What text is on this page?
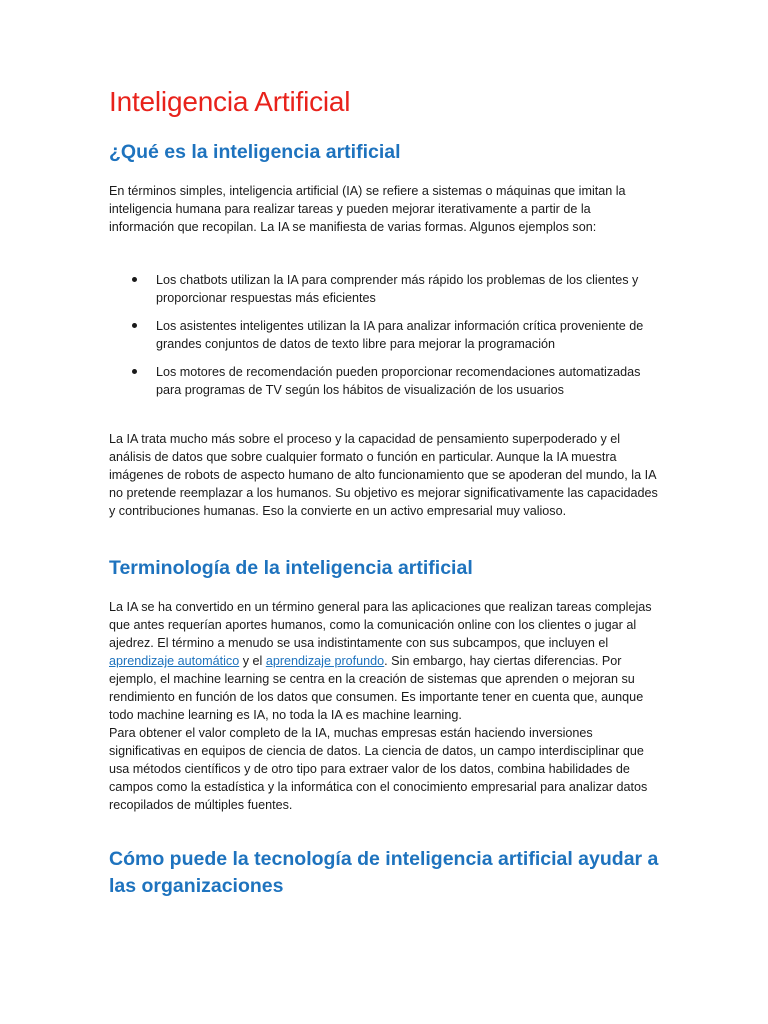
Inteligencia Artificial
¿Qué es la inteligencia artificial

En términos simples, inteligencia artificial (IA) se refiere a sistemas o máquinas que imitan la inteligencia humana para realizar tareas y pueden mejorar iterativamente a partir de la información que recopilan. La IA se manifiesta de varias formas. Algunos ejemplos son:

Los chatbots utilizan la IA para comprender más rápido los problemas de los clientes y proporcionar respuestas más eficientes
Los asistentes inteligentes utilizan la IA para analizar información crítica proveniente de grandes conjuntos de datos de texto libre para mejorar la programación
Los motores de recomendación pueden proporcionar recomendaciones automatizadas para programas de TV según los hábitos de visualización de los usuarios

La IA trata mucho más sobre el proceso y la capacidad de pensamiento superpoderado y el análisis de datos que sobre cualquier formato o función en particular. Aunque la IA muestra imágenes de robots de aspecto humano de alto funcionamiento que se apoderan del mundo, la IA no pretende reemplazar a los humanos. Su objetivo es mejorar significativamente las capacidades y contribuciones humanas. Eso la convierte en un activo empresarial muy valioso.

Terminología de la inteligencia artificial

La IA se ha convertido en un término general para las aplicaciones que realizan tareas complejas que antes requerían aportes humanos, como la comunicación online con los clientes o jugar al ajedrez. El término a menudo se usa indistintamente con sus subcampos, que incluyen el aprendizaje automático y el aprendizaje profundo. Sin embargo, hay ciertas diferencias. Por ejemplo, el machine learning se centra en la creación de sistemas que aprenden o mejoran su rendimiento en función de los datos que consumen. Es importante tener en cuenta que, aunque todo machine learning es IA, no toda la IA es machine learning.

Para obtener el valor completo de la IA, muchas empresas están haciendo inversiones significativas en equipos de ciencia de datos. La ciencia de datos, un campo interdisciplinar que usa métodos científicos y de otro tipo para extraer valor de los datos, combina habilidades de campos como la estadística y la informática con el conocimiento empresarial para analizar datos recopilados de múltiples fuentes.

Cómo puede la tecnología de inteligencia artificial ayudar a las organizaciones
